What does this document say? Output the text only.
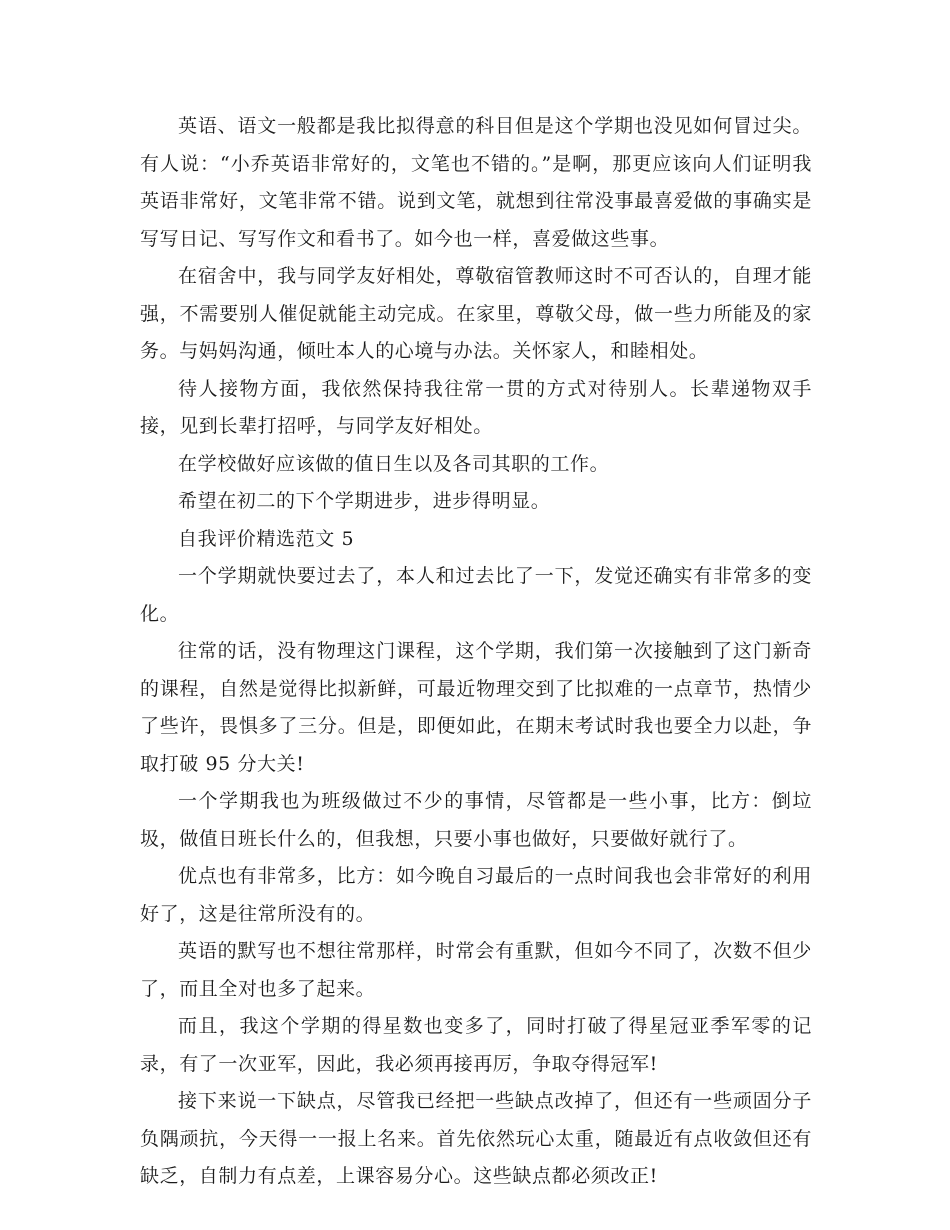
英语、语文一般都是我比拟得意的科目但是这个学期也没见如何冒过尖。有人说：“小乔英语非常好的，文笔也不错的。”是啊，那更应该向人们证明我英语非常好，文笔非常不错。说到文笔，就想到往常没事最喜爱做的事确实是写写日记、写写作文和看书了。如今也一样，喜爱做这些事。

在宿舍中，我与同学友好相处，尊敬宿管教师这时不可否认的，自理才能强，不需要别人催促就能主动完成。在家里，尊敬父母，做一些力所能及的家务。与妈妈沟通，倾吐本人的心境与办法。关怀家人，和睦相处。

待人接物方面，我依然保持我往常一贯的方式对待别人。长辈递物双手接，见到长辈打招呼，与同学友好相处。

在学校做好应该做的值日生以及各司其职的工作。

希望在初二的下个学期进步，进步得明显。

自我评价精选范文 5

一个学期就快要过去了，本人和过去比了一下，发觉还确实有非常多的变化。

往常的话，没有物理这门课程，这个学期，我们第一次接触到了这门新奇的课程，自然是觉得比拟新鲜，可最近物理交到了比拟难的一点章节，热情少了些许，畏惧多了三分。但是，即便如此，在期末考试时我也要全力以赴，争取打破 95 分大关!

一个学期我也为班级做过不少的事情，尽管都是一些小事，比方：倒垃圾，做值日班长什么的，但我想，只要小事也做好，只要做好就行了。

优点也有非常多，比方：如今晚自习最后的一点时间我也会非常好的利用好了，这是往常所没有的。

英语的默写也不想往常那样，时常会有重默，但如今不同了，次数不但少了，而且全对也多了起来。

而且，我这个学期的得星数也变多了，同时打破了得星冠亚季军零的记录，有了一次亚军，因此，我必须再接再厉，争取夺得冠军!

接下来说一下缺点，尽管我已经把一些缺点改掉了，但还有一些顽固分子负隅顽抗，今天得一一报上名来。首先依然玩心太重，随最近有点收敛但还有缺乏，自制力有点差，上课容易分心。这些缺点都必须改正!
